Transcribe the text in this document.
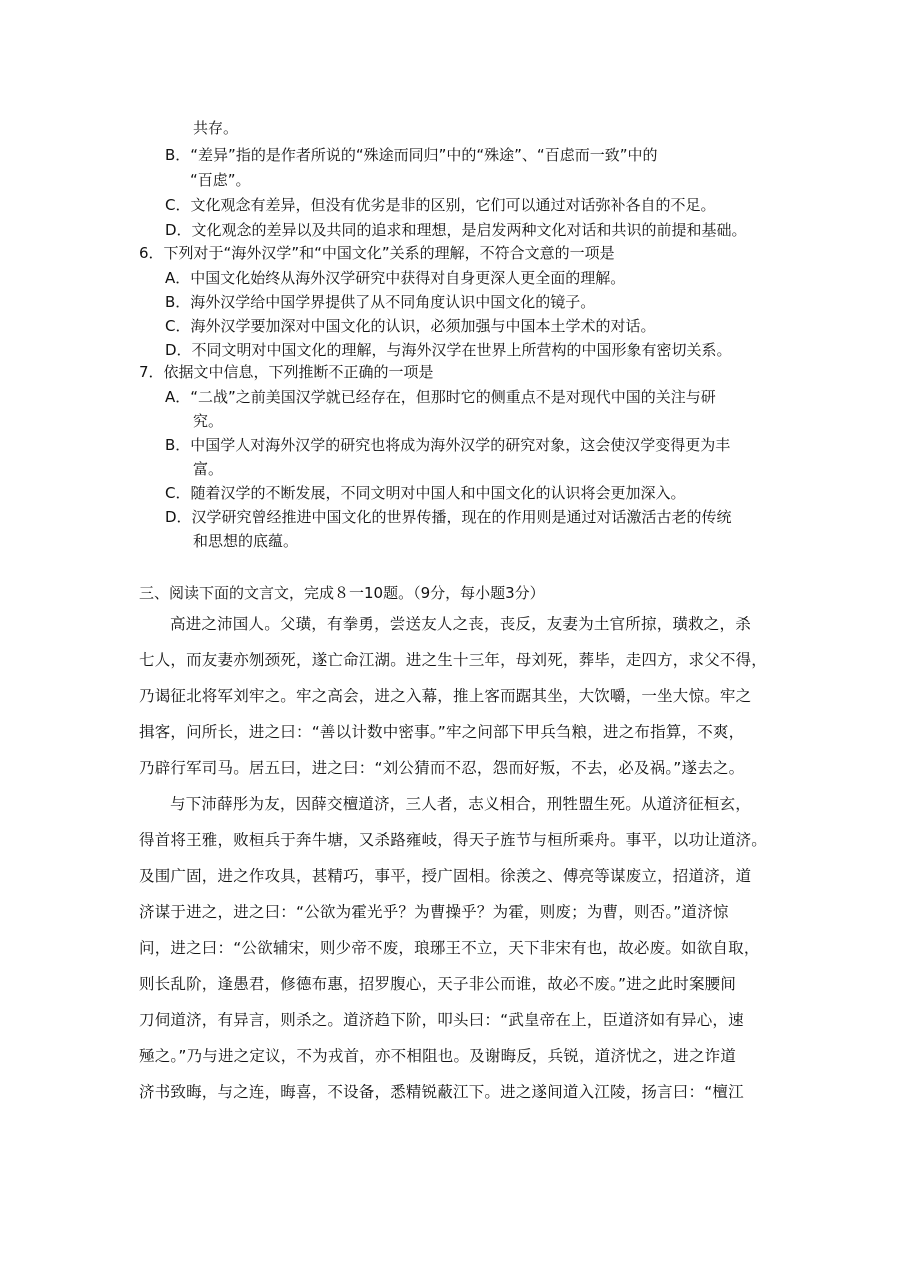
共存。
B．“差异”指的是作者所说的“殊途而同归”中的“殊途”、“百虑而一致”中的
“百虑”。
C．文化观念有差异，但没有优劣是非的区别，它们可以通过对话弥补各自的不足。
D．文化观念的差异以及共同的追求和理想，是启发两种文化对话和共识的前提和基础。
6．下列对于“海外汉学”和“中国文化”关系的理解，不符合文意的一项是
A．中国文化始终从海外汉学研究中获得对自身更深人更全面的理解。
B．海外汉学给中国学界提供了从不同角度认识中国文化的镜子。
C．海外汉学要加深对中国文化的认识，必须加强与中国本土学术的对话。
D．不同文明对中国文化的理解，与海外汉学在世界上所营构的中国形象有密切关系。
7．依据文中信息，下列推断不正确的一项是
A．“二战”之前美国汉学就已经存在，但那时它的侧重点不是对现代中国的关注与研
究。
B．中国学人对海外汉学的研究也将成为海外汉学的研究对象，这会使汉学变得更为丰
富。
C．随着汉学的不断发展，不同文明对中国人和中国文化的认识将会更加深入。
D．汉学研究曾经推进中国文化的世界传播，现在的作用则是通过对话激活古老的传统
和思想的底蕴。
三、阅读下面的文言文，完成８一10题。（9分，每小题3分）
高进之沛国人。父璜，有拳勇，尝送友人之丧，丧反，友妻为土官所掠，璜救之，杀
七人，而友妻亦刎颈死，遂亡命江湖。进之生十三年，母刘死，葬毕，走四方，求父不得，
乃谒征北将军刘牢之。牢之高会，进之入幕，推上客而踞其坐，大饮嚼，一坐大惊。牢之
揖客，问所长，进之曰：“善以计数中密事。”牢之问部下甲兵刍粮，进之布指算，不爽，
乃辟行军司马。居五曰，进之曰：“刘公猜而不忍，怨而好叛，不去，必及祸。”遂去之。
与下沛薛彤为友，因薛交檀道济，三人者，志义相合，刑牲盟生死。从道济征桓玄，
得首将王雅，败桓兵于奔牛塘，又杀路雍岐，得天子旌节与桓所乘舟。事平，以功让道济。
及围广固，进之作攻具，甚精巧，事平，授广固相。徐羡之、傅亮等谋废立，招道济，道
济谋于进之，进之曰：“公欲为霍光乎？为曹操乎？为霍，则废；为曹，则否。”道济惊
问，进之曰：“公欲辅宋，则少帝不废，琅琊王不立，天下非宋有也，故必废。如欲自取，
则长乱阶，逢愚君，修德布惠，招罗腹心，天子非公而谁，故必不废。”进之此时案腰间
刀伺道济，有异言，则杀之。道济趋下阶，叩头曰：“武皇帝在上，臣道济如有异心，速
殛之。”乃与进之定议，不为戎首，亦不相阻也。及谢晦反，兵锐，道济忧之，进之诈道
济书致晦，与之连，晦喜，不设备，悉精锐蔽江下。进之遂间道入江陵，扬言曰：“檀江
